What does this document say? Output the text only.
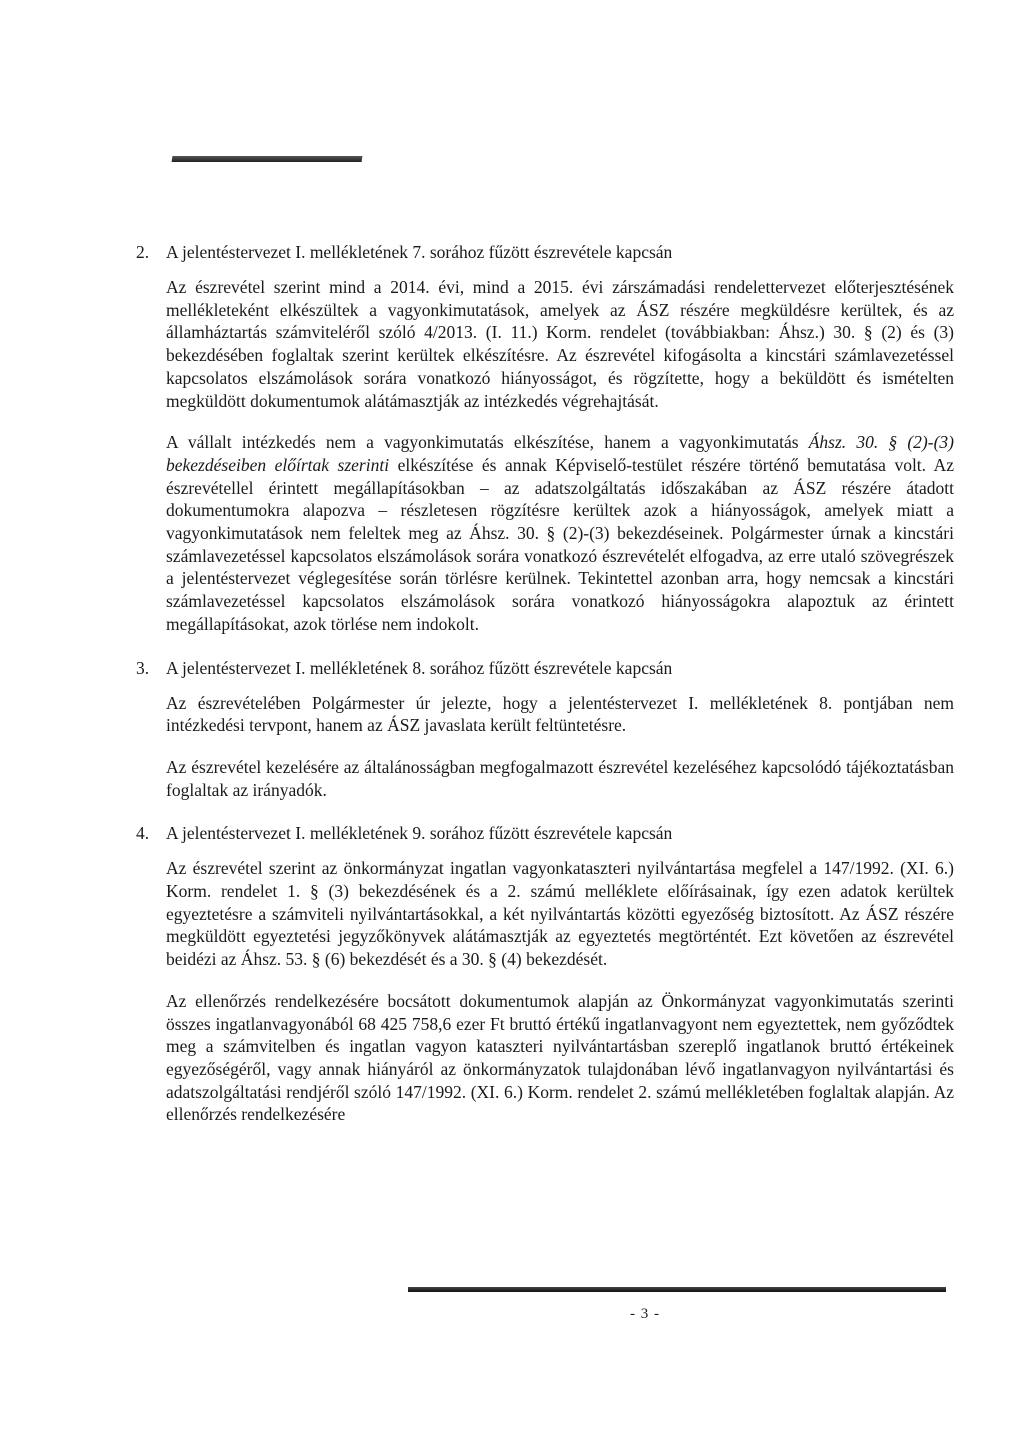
2. A jelentéstervezet I. mellékletének 7. sorához fűzött észrevétele kapcsán

Az észrevétel szerint mind a 2014. évi, mind a 2015. évi zárszámadási rendelettervezet előterjesztésének mellékleteként elkészültek a vagyonkimutatások, amelyek az ÁSZ részére megküldésre kerültek, és az államháztartás számviteléről szóló 4/2013. (I. 11.) Korm. rendelet (továbbiakban: Áhsz.) 30. § (2) és (3) bekezdésében foglaltak szerint kerültek elkészítésre. Az észrevétel kifogásolta a kincstári számlavezetéssel kapcsolatos elszámolások sorára vonatkozó hiányosságot, és rögzítette, hogy a beküldött és ismételten megküldött dokumentumok alátámasztják az intézkedés végrehajtását.

A vállalt intézkedés nem a vagyonkimutatás elkészítése, hanem a vagyonkimutatás Áhsz. 30. § (2)-(3) bekezdéseiben előírtak szerinti elkészítése és annak Képviselő-testület részére történő bemutatása volt. Az észrevétellel érintett megállapításokban – az adatszolgáltatás időszakában az ÁSZ részére átadott dokumentumokra alapozva – részletesen rögzítésre kerültek azok a hiányosságok, amelyek miatt a vagyonkimutatások nem feleltek meg az Áhsz. 30. § (2)-(3) bekezdéseinek. Polgármester úrnak a kincstári számlavezetéssel kapcsolatos elszámolások sorára vonatkozó észrevételét elfogadva, az erre utaló szövegrészek a jelentéstervezet véglegesítése során törlésre kerülnek. Tekintettel azonban arra, hogy nemcsak a kincstári számlavezetéssel kapcsolatos elszámolások sorára vonatkozó hiányosságokra alapoztuk az érintett megállapításokat, azok törlése nem indokolt.

3. A jelentéstervezet I. mellékletének 8. sorához fűzött észrevétele kapcsán

Az észrevételében Polgármester úr jelezte, hogy a jelentéstervezet I. mellékletének 8. pontjában nem intézkedési tervpont, hanem az ÁSZ javaslata került feltüntetésre.

Az észrevétel kezelésére az általánosságban megfogalmazott észrevétel kezeléséhez kapcsolódó tájékoztatásban foglaltak az irányadók.

4. A jelentéstervezet I. mellékletének 9. sorához fűzött észrevétele kapcsán

Az észrevétel szerint az önkormányzat ingatlan vagyonkataszteri nyilvántartása megfelel a 147/1992. (XI. 6.) Korm. rendelet 1. § (3) bekezdésének és a 2. számú melléklete előírásainak, így ezen adatok kerültek egyeztetésre a számviteli nyilvántartásokkal, a két nyilvántartás közötti egyezőség biztosított. Az ÁSZ részére megküldött egyeztetési jegyzőkönyvek alátámasztják az egyeztetés megtörténtét. Ezt követően az észrevétel beidézi az Áhsz. 53. § (6) bekezdését és a 30. § (4) bekezdését.

Az ellenőrzés rendelkezésére bocsátott dokumentumok alapján az Önkormányzat vagyonkimutatás szerinti összes ingatlanvagyonából 68 425 758,6 ezer Ft bruttó értékű ingatlanvagyont nem egyeztettek, nem győződtek meg a számvitelben és ingatlan vagyon kataszteri nyilvántartásban szereplő ingatlanok bruttó értékeinek egyezőségéről, vagy annak hiányáról az önkormányzatok tulajdonában lévő ingatlanvagyon nyilvántartási és adatszolgáltatási rendjéről szóló 147/1992. (XI. 6.) Korm. rendelet 2. számú mellékletében foglaltak alapján. Az ellenőrzés rendelkezésére

- 3 -
